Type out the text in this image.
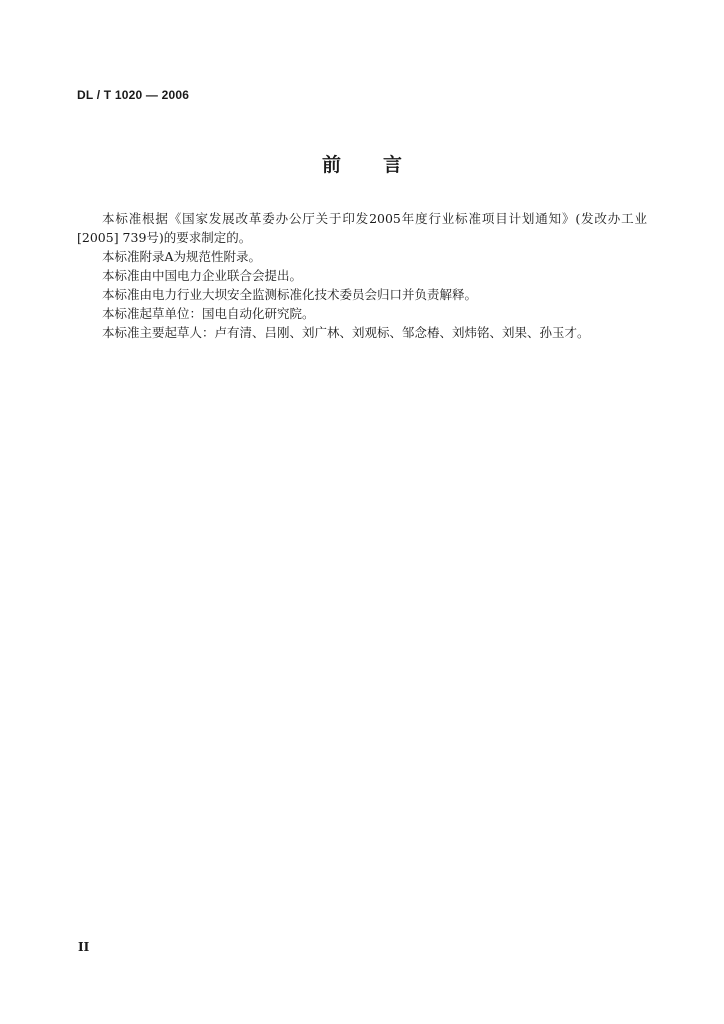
DL / T 1020 — 2006
前 言

本标准根据《国家发展改革委办公厅关于印发2005年度行业标准项目计划通知》(发改办工业[2005] 739号)的要求制定的。

本标准附录A为规范性附录。

本标准由中国电力企业联合会提出。

本标准由电力行业大坝安全监测标准化技术委员会归口并负责解释。

本标准起草单位：国电自动化研究院。

本标准主要起草人：卢有清、吕刚、刘广林、刘观标、邹念椿、刘炜铭、刘果、孙玉才。

II
